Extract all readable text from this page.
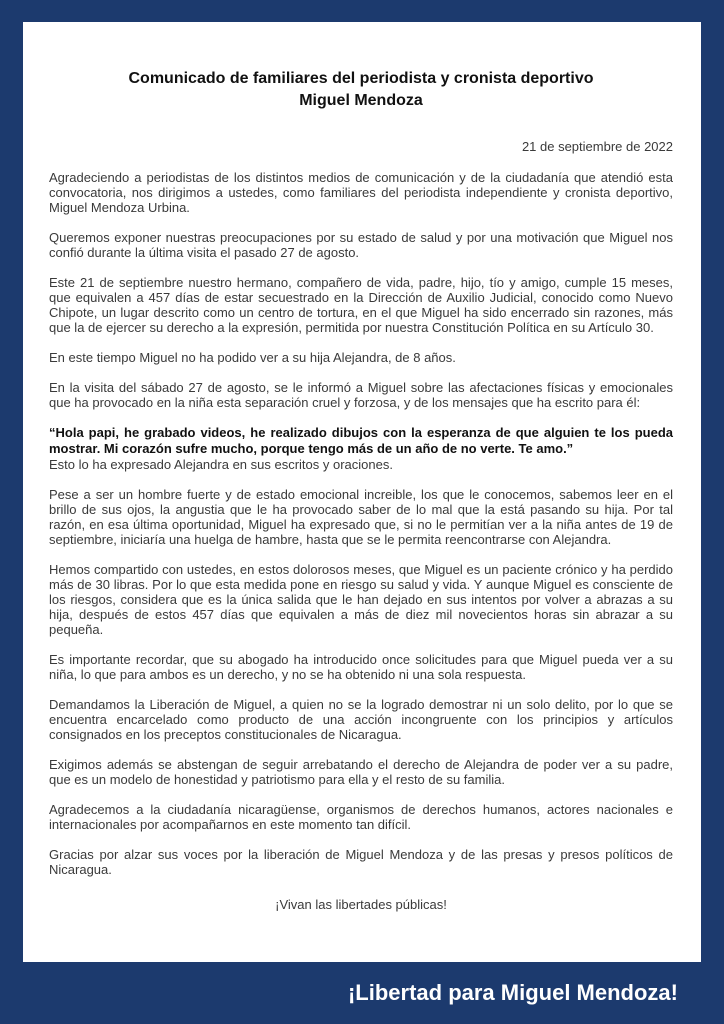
Comunicado de familiares del periodista y cronista deportivo
Miguel Mendoza

21 de septiembre de 2022

Agradeciendo a periodistas de los distintos medios de comunicación y de la ciudadanía que atendió esta convocatoria, nos dirigimos a ustedes, como familiares del periodista independiente y cronista deportivo, Miguel Mendoza Urbina.

Queremos exponer nuestras preocupaciones por su estado de salud y por una motivación que Miguel nos confió durante la última visita el pasado 27 de agosto.

Este 21 de septiembre nuestro hermano, compañero de vida, padre, hijo, tío y amigo, cumple 15 meses, que equivalen a 457 días de estar secuestrado en la Dirección de Auxilio Judicial, conocido como Nuevo Chipote, un lugar descrito como un centro de tortura, en el que Miguel ha sido encerrado sin razones, más que la de ejercer su derecho a la expresión, permitida por nuestra Constitución Política en su Artículo 30.

En este tiempo Miguel no ha podido ver a su hija Alejandra, de 8 años.

En la visita del sábado 27 de agosto, se le informó a Miguel sobre las afectaciones físicas y emocionales que ha provocado en la niña esta separación cruel y forzosa, y de los mensajes que ha escrito para él:

“Hola papi, he grabado videos, he realizado dibujos con la esperanza de que alguien te los pueda mostrar. Mi corazón sufre mucho, porque tengo más de un año de no verte. Te amo.”

Esto lo ha expresado Alejandra en sus escritos y oraciones.

Pese a ser un hombre fuerte y de estado emocional increible, los que le conocemos, sabemos leer en el brillo de sus ojos, la angustia que le ha provocado saber de lo mal que la está pasando su hija. Por tal razón, en esa última oportunidad, Miguel ha expresado que, si no le permitían ver a la niña antes de 19 de septiembre, iniciaría una huelga de hambre, hasta que se le permita reencontrarse con Alejandra.

Hemos compartido con ustedes, en estos dolorosos meses, que Miguel es un paciente crónico y ha perdido más de 30 libras. Por lo que esta medida pone en riesgo su salud y vida. Y aunque Miguel es consciente de los riesgos, considera que es la única salida que le han dejado en sus intentos por volver a abrazas a su hija, después de estos 457 días que equivalen a más de diez mil novecientos horas sin abrazar a su pequeña.

Es importante recordar, que su abogado ha introducido once solicitudes para que Miguel pueda ver a su niña, lo que para ambos es un derecho, y no se ha obtenido ni una sola respuesta.

Demandamos la Liberación de Miguel, a quien no se la logrado demostrar ni un solo delito, por lo que se encuentra encarcelado como producto de una acción incongruente con los principios y artículos consignados en los preceptos constitucionales de Nicaragua.

Exigimos además se abstengan de seguir arrebatando el derecho de Alejandra de poder ver a su padre, que es un modelo de honestidad y patriotismo para ella y el resto de su familia.

Agradecemos a la ciudadanía nicaragüense, organismos de derechos humanos, actores nacionales e internacionales por acompañarnos en este momento tan difícil.

Gracias por alzar sus voces por la liberación de Miguel Mendoza y de las presas y presos políticos de Nicaragua.

¡Vivan las libertades públicas!

¡Libertad para Miguel Mendoza!
